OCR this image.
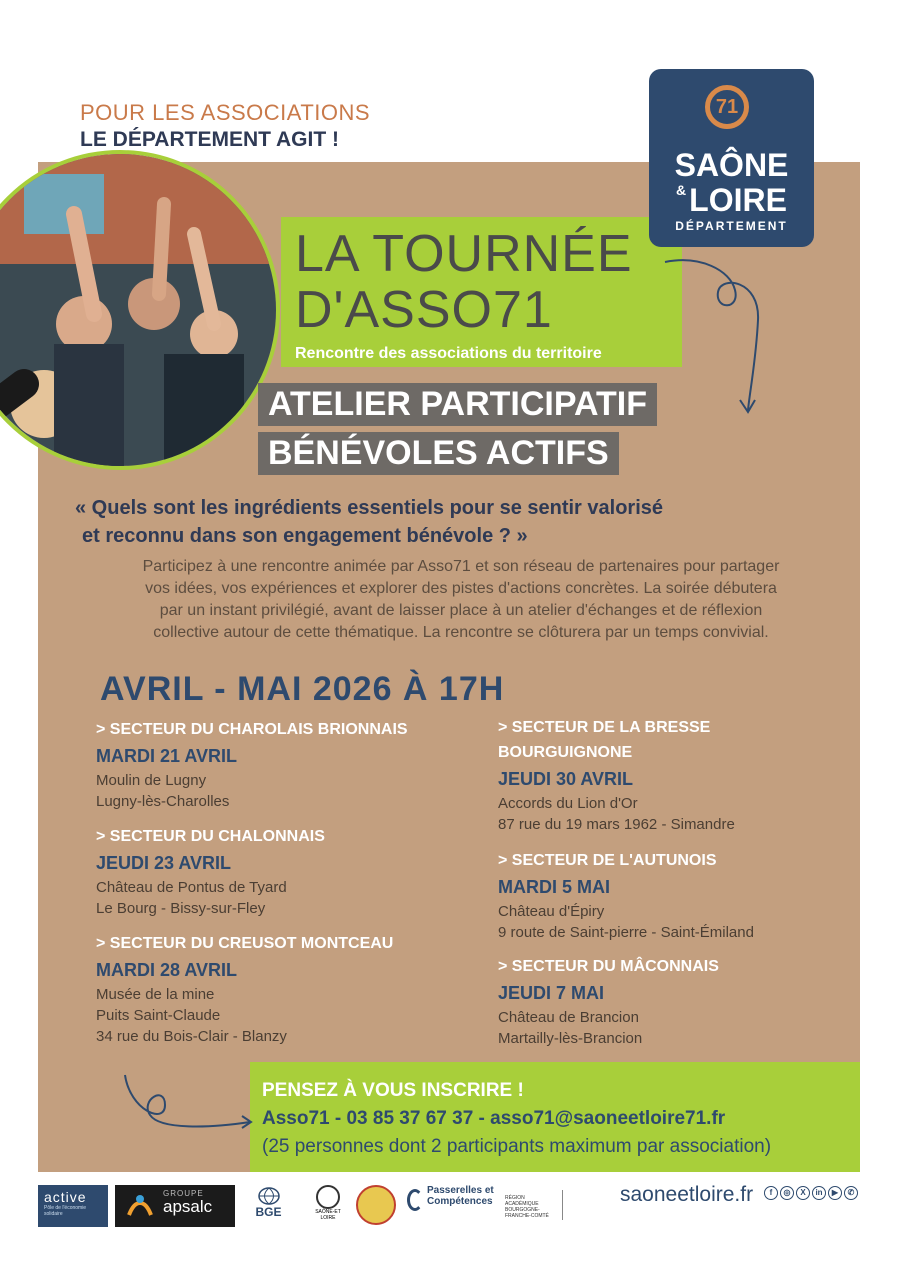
POUR LES ASSOCIATIONS
LE DÉPARTEMENT AGIT !
LA TOURNÉE
D'ASSO71
Rencontre des associations du territoire
71
SAÔNE
&LOIRE
DÉPARTEMENT
ATELIER PARTICIPATIF
BÉNÉVOLES ACTIFS
« Quels sont les ingrédients essentiels pour se sentir valorisé
et reconnu dans son engagement bénévole ? »
Participez à une rencontre animée par Asso71 et son réseau de partenaires pour partager
vos idées, vos expériences et explorer des pistes d'actions concrètes. La soirée débutera
par un instant privilégié, avant de laisser place à un atelier d'échanges et de réflexion
collective autour de cette thématique. La rencontre se clôturera par un temps convivial.
AVRIL - MAI 2026 À 17H
> SECTEUR DU CHAROLAIS BRIONNAIS
MARDI 21 AVRIL
Moulin de Lugny
Lugny-lès-Charolles
> SECTEUR DU CHALONNAIS
JEUDI 23 AVRIL
Château de Pontus de Tyard
Le Bourg - Bissy-sur-Fley
> SECTEUR DU CREUSOT MONTCEAU
MARDI 28 AVRIL
Musée de la mine
Puits Saint-Claude
34 rue du Bois-Clair - Blanzy
> SECTEUR DE LA BRESSE
BOURGUIGNONE
JEUDI 30 AVRIL
Accords du Lion d'Or
87 rue du 19 mars 1962 - Simandre
> SECTEUR DE L'AUTUNOIS
MARDI 5 MAI
Château d'Épiry
9 route de Saint-pierre - Saint-Émiland
> SECTEUR DU MÂCONNAIS
JEUDI 7 MAI
Château de Brancion
Martailly-lès-Brancion
PENSEZ À VOUS INSCRIRE !
Asso71 - 03 85 37 67 37 - asso71@saoneetloire71.fr
(25 personnes dont 2 participants maximum par association)
active
Pôle de l'économie solidaire
GROUPE
apsalc	BGE	SAÔNE-ET LOIRE
Passerelles et
Compétences	RÉGION ACADÉMIQUE BOURGOGNE-FRANCHE-COMTÉ
saoneetloire.fr	f	◎	X	in	▶	✆
